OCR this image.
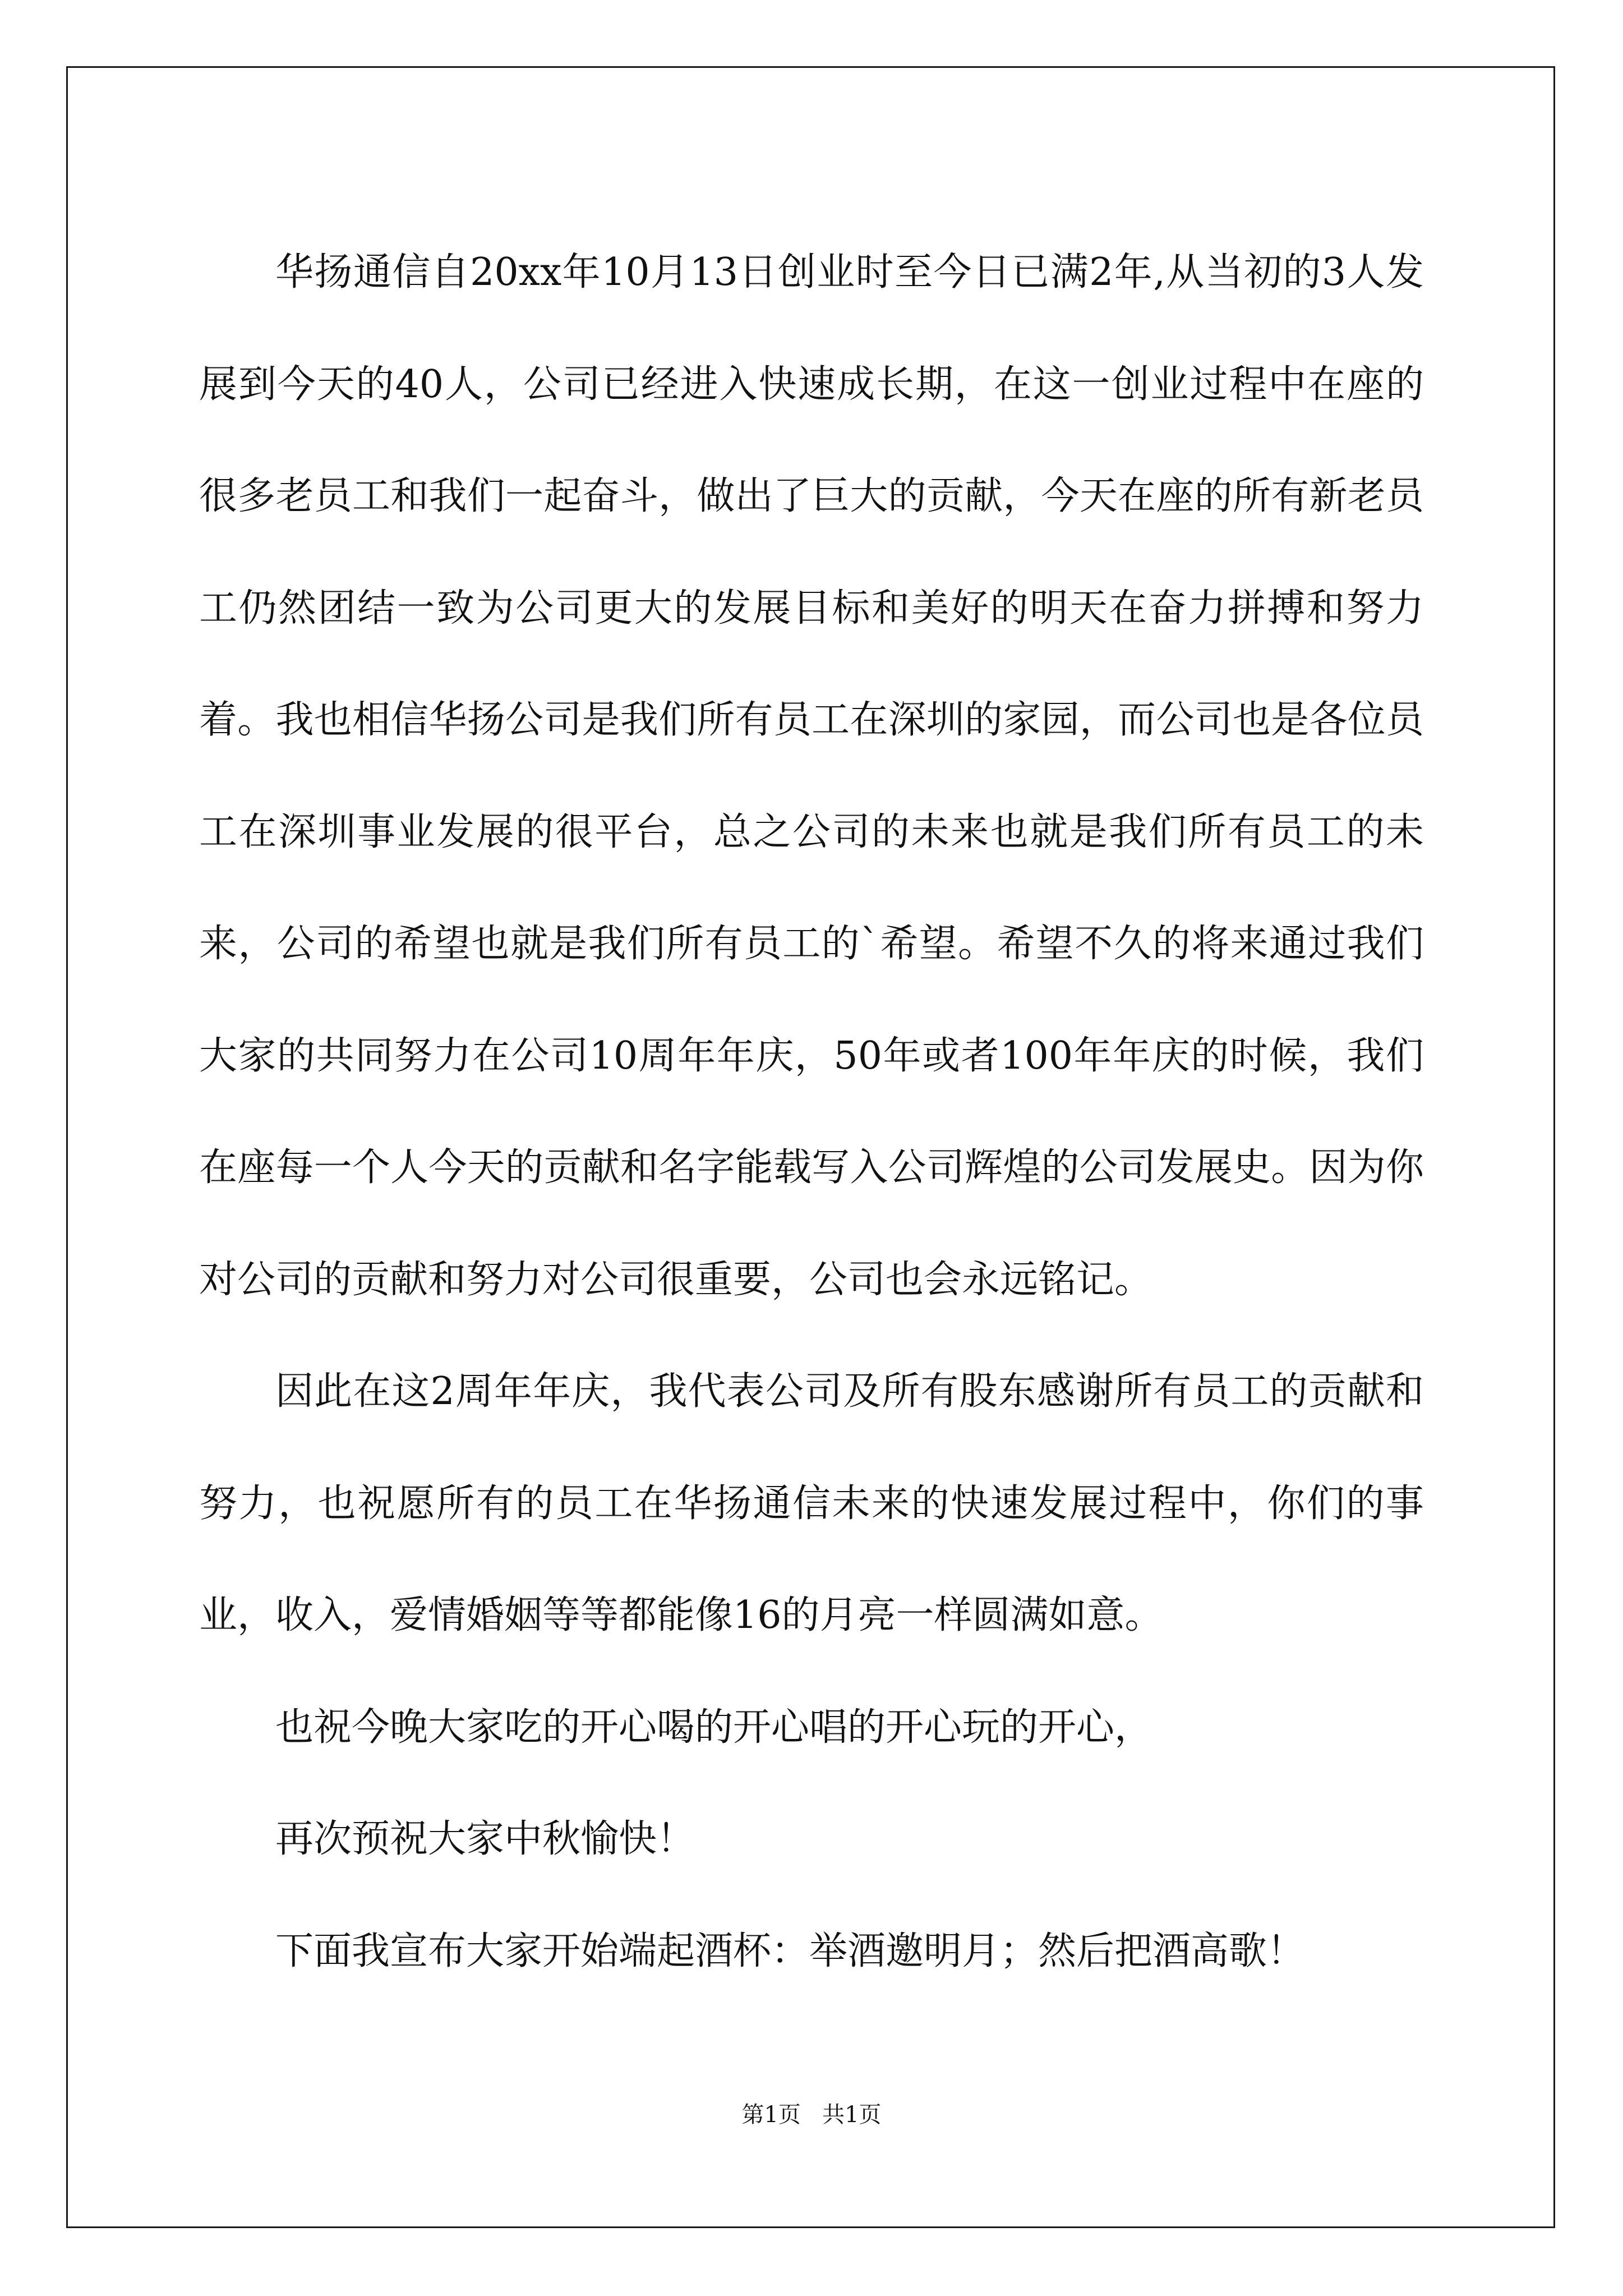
华扬通信自20xx年10月13日创业时至今日已满2年,从当初的3人发展到今天的40人，公司已经进入快速成长期，在这一创业过程中在座的很多老员工和我们一起奋斗，做出了巨大的贡献，今天在座的所有新老员工仍然团结一致为公司更大的发展目标和美好的明天在奋力拼搏和努力着。我也相信华扬公司是我们所有员工在深圳的家园，而公司也是各位员工在深圳事业发展的很平台，总之公司的未来也就是我们所有员工的未来，公司的希望也就是我们所有员工的`希望。希望不久的将来通过我们大家的共同努力在公司10周年年庆，50年或者100年年庆的时候，我们在座每一个人今天的贡献和名字能载写入公司辉煌的公司发展史。因为你对公司的贡献和努力对公司很重要，公司也会永远铭记。

因此在这2周年年庆，我代表公司及所有股东感谢所有员工的贡献和努力，也祝愿所有的员工在华扬通信未来的快速发展过程中，你们的事业，收入，爱情婚姻等等都能像16的月亮一样圆满如意。

也祝今晚大家吃的开心喝的开心唱的开心玩的开心，

再次预祝大家中秋愉快！

下面我宣布大家开始端起酒杯：举酒邀明月；然后把酒高歌！

第1页 共1页
